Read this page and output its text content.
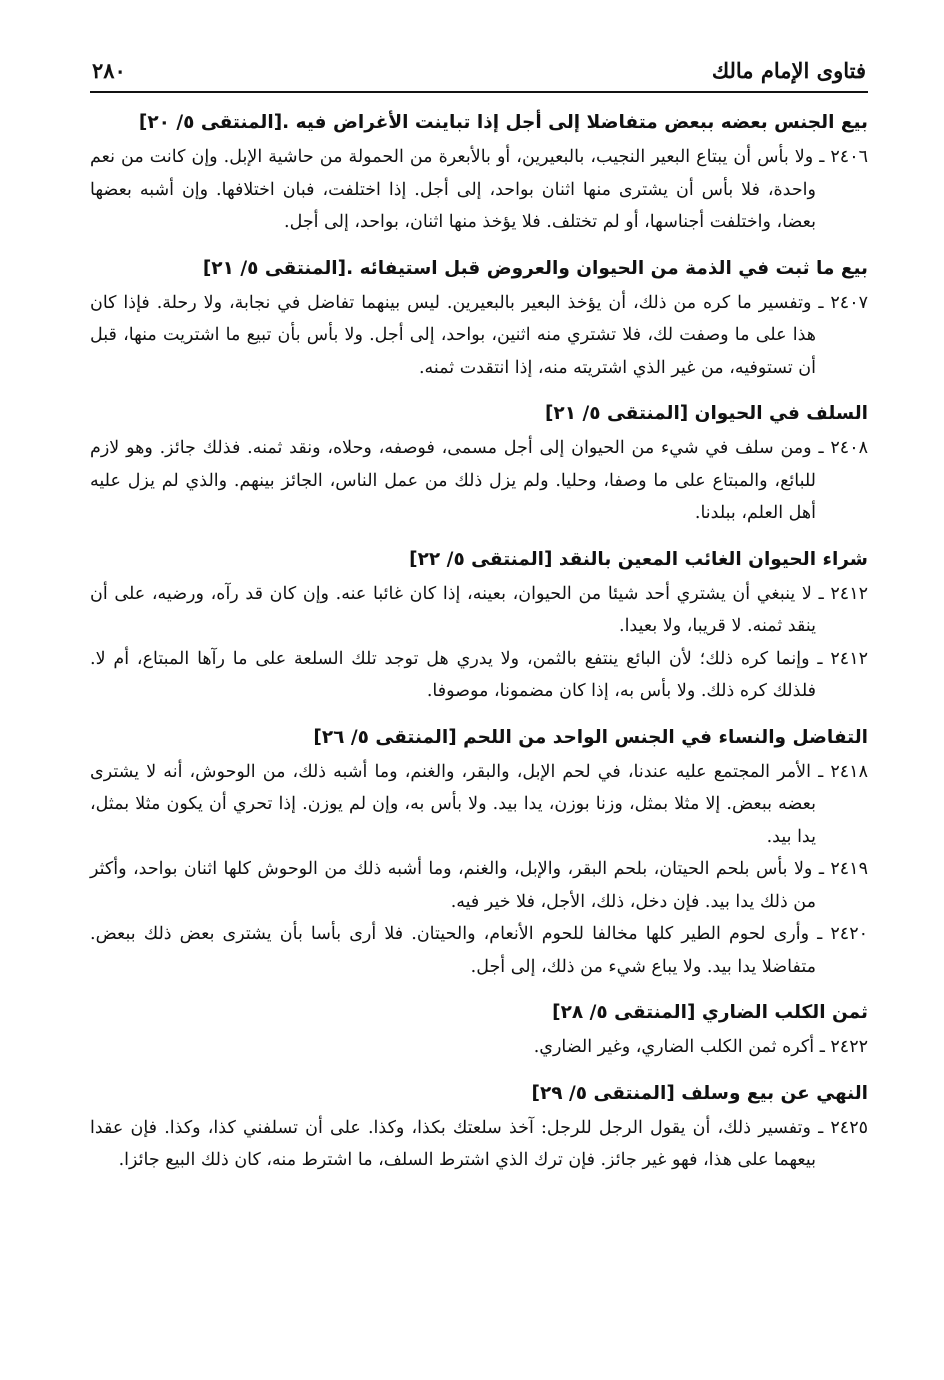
فتاوى الإمام مالك
٢٨٠
بيع الجنس بعضه ببعض متفاضلا إلى أجل إذا تباينت الأغراض فيه .[المنتقى ٥/ ٢٠]
٢٤٠٦ ـ ولا بأس أن يبتاع البعير النجيب، بالبعيرين، أو بالأبعرة من الحمولة من حاشية الإبل. وإن كانت من نعم واحدة، فلا بأس أن يشترى منها اثنان بواحد، إلى أجل. إذا اختلفت، فبان اختلافها. وإن أشبه بعضها بعضا، واختلفت أجناسها، أو لم تختلف. فلا يؤخذ منها اثنان، بواحد، إلى أجل.
بيع ما ثبت في الذمة من الحيوان والعروض قبل استيفائه .[المنتقى ٥/ ٢١]
٢٤٠٧ ـ وتفسير ما كره من ذلك، أن يؤخذ البعير بالبعيرين. ليس بينهما تفاضل في نجابة، ولا رحلة. فإذا كان هذا على ما وصفت لك، فلا تشتري منه اثنين، بواحد، إلى أجل. ولا بأس بأن تبيع ما اشتريت منها، قبل أن تستوفيه، من غير الذي اشتريته منه، إذا انتقدت ثمنه.
السلف في الحيوان [المنتقى ٥/ ٢١]
٢٤٠٨ ـ ومن سلف في شيء من الحيوان إلى أجل مسمى، فوصفه، وحلاه، ونقد ثمنه. فذلك جائز. وهو لازم للبائع، والمبتاع على ما وصفا، وحليا. ولم يزل ذلك من عمل الناس، الجائز بينهم. والذي لم يزل عليه أهل العلم، ببلدنا.
شراء الحيوان الغائب المعين بالنقد [المنتقى ٥/ ٢٢]
٢٤١٢ ـ لا ينبغي أن يشتري أحد شيئا من الحيوان، بعينه، إذا كان غائبا عنه. وإن كان قد رآه، ورضيه، على أن ينقد ثمنه. لا قريبا، ولا بعيدا.
٢٤١٢ ـ وإنما كره ذلك؛ لأن البائع ينتفع بالثمن، ولا يدري هل توجد تلك السلعة على ما رآها المبتاع، أم لا. فلذلك كره ذلك. ولا بأس به، إذا كان مضمونا، موصوفا.
التفاضل والنساء في الجنس الواحد من اللحم [المنتقى ٥/ ٢٦]
٢٤١٨ ـ الأمر المجتمع عليه عندنا، في لحم الإبل، والبقر، والغنم، وما أشبه ذلك، من الوحوش، أنه لا يشترى بعضه ببعض. إلا مثلا بمثل، وزنا بوزن، يدا بيد. ولا بأس به، وإن لم يوزن. إذا تحري أن يكون مثلا بمثل، يدا بيد.
٢٤١٩ ـ ولا بأس بلحم الحيتان، بلحم البقر، والإبل، والغنم، وما أشبه ذلك من الوحوش كلها اثنان بواحد، وأكثر من ذلك يدا بيد. فإن دخل، ذلك، الأجل، فلا خير فيه.
٢٤٢٠ ـ وأرى لحوم الطير كلها مخالفا للحوم الأنعام، والحيتان. فلا أرى بأسا بأن يشترى بعض ذلك ببعض. متفاضلا يدا بيد. ولا يباع شيء من ذلك، إلى أجل.
ثمن الكلب الضاري [المنتقى ٥/ ٢٨]
٢٤٢٢ ـ أكره ثمن الكلب الضاري، وغير الضاري.
النهي عن بيع وسلف [المنتقى ٥/ ٢٩]
٢٤٢٥ ـ وتفسير ذلك، أن يقول الرجل للرجل: آخذ سلعتك بكذا، وكذا. على أن تسلفني كذا، وكذا. فإن عقدا بيعهما على هذا، فهو غير جائز. فإن ترك الذي اشترط السلف، ما اشترط منه، كان ذلك البيع جائزا.
